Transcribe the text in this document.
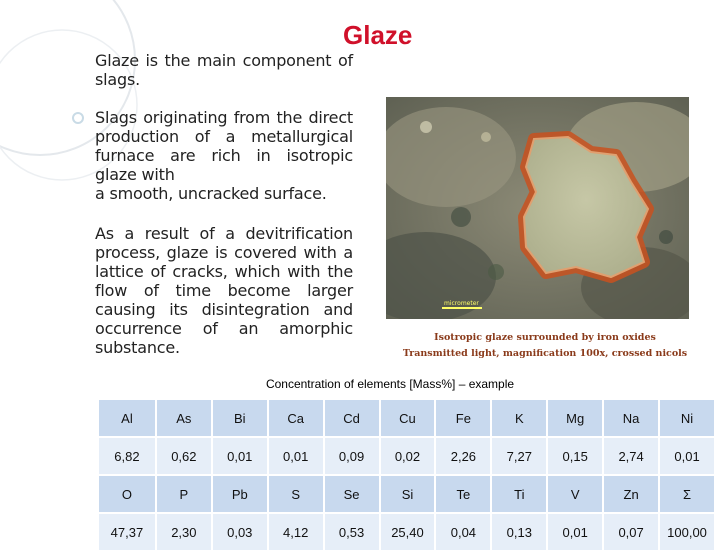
Glaze
Glaze is the main component of slags.
Slags originating from the direct production of a metallurgical furnace are rich in isotropic glaze with
a smooth, uncracked surface.
As a result of a devitrification process, glaze is covered with a lattice of cracks, which with the flow of time become larger causing its disintegration and occurrence of an amorphic substance.
micrometer
Isotropic glaze surrounded by iron oxides
Transmitted light, magnification 100x, crossed nicols
Concentration of elements [Mass%] – example
Al	As	Bi	Ca	Cd	Cu	Fe	K	Mg	Na	Ni
6,82	0,62	0,01	0,01	0,09	0,02	2,26	7,27	0,15	2,74	0,01
O	P	Pb	S	Se	Si	Te	Ti	V	Zn	Σ
47,37	2,30	0,03	4,12	0,53	25,40	0,04	0,13	0,01	0,07	100,00
